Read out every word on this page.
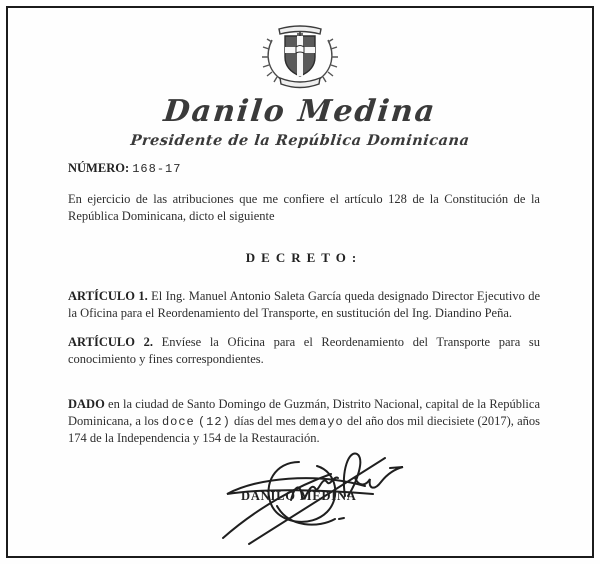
Danilo Medina
Presidente de la República Dominicana

NÚMERO: 168-17

En ejercicio de las atribuciones que me confiere el artículo 128 de la Constitución de la República Dominicana, dicto el siguiente

DECRETO:

ARTÍCULO 1. El Ing. Manuel Antonio Saleta García queda designado Director Ejecutivo de la Oficina para el Reordenamiento del Transporte, en sustitución del Ing. Diandino Peña.

ARTÍCULO 2. Envíese la Oficina para el Reordenamiento del Transporte para su conocimiento y fines correspondientes.

DADO en la ciudad de Santo Domingo de Guzmán, Distrito Nacional, capital de la República Dominicana, a los doce (12) días del mes demayo del año dos mil diecisiete (2017), años 174 de la Independencia y 154 de la Restauración.

DANILO MEDINA
